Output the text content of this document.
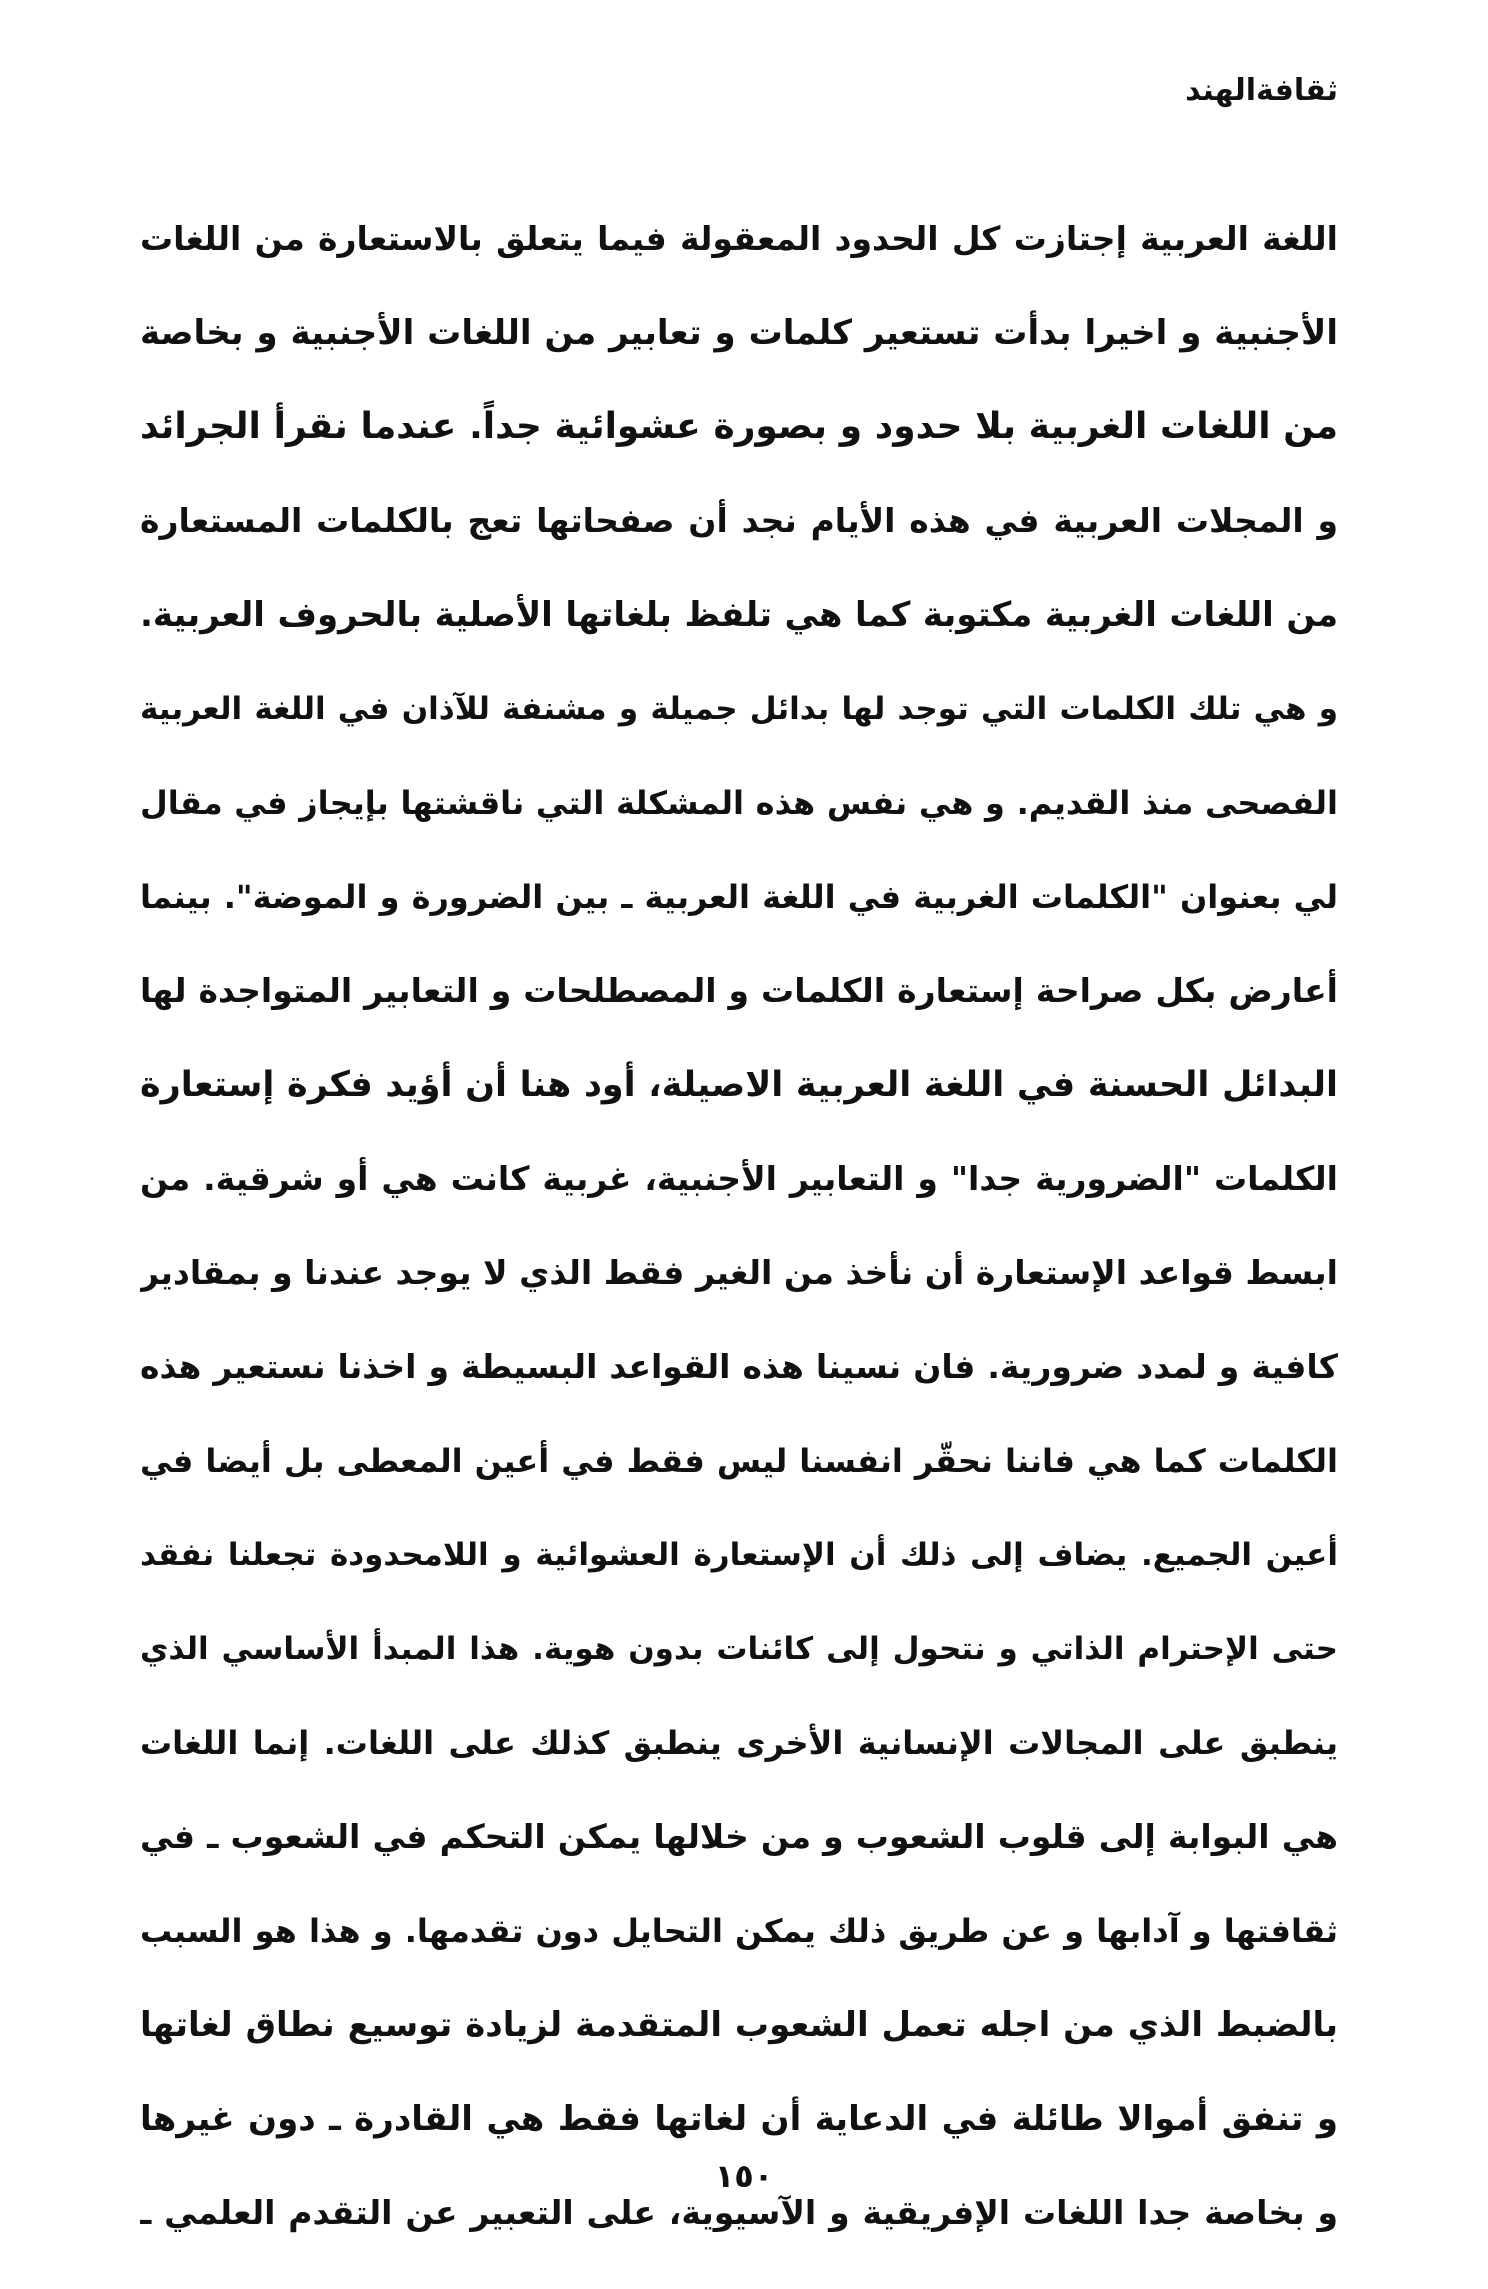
ثقافةالهند
اللغة العربية إجتازت كل الحدود المعقولة فيما يتعلق بالاستعارة من اللغات
الأجنبية و اخيرا بدأت تستعير كلمات و تعابير من اللغات الأجنبية و بخاصة
من اللغات الغربية بلا حدود و بصورة عشوائية جداً. عندما نقرأ الجرائد
و المجلات العربية في هذه الأيام نجد أن صفحاتها تعج بالكلمات المستعارة
من اللغات الغربية مكتوبة كما هي تلفظ بلغاتها الأصلية بالحروف العربية.
و هي تلك الكلمات التي توجد لها بدائل جميلة و مشنفة للآذان في اللغة العربية
الفصحى منذ القديم. و هي نفس هذه المشكلة التي ناقشتها بإيجاز في مقال
لي بعنوان "الكلمات الغربية في اللغة العربية ـ بين الضرورة و الموضة". بينما
أعارض بكل صراحة إستعارة الكلمات و المصطلحات و التعابير المتواجدة لها
البدائل الحسنة في اللغة العربية الاصيلة، أود هنا أن أؤيد فكرة إستعارة
الكلمات "الضرورية جدا" و التعابير الأجنبية، غربية كانت هي أو شرقية. من
ابسط قواعد الإستعارة أن نأخذ من الغير فقط الذي لا يوجد عندنا و بمقادير
كافية و لمدد ضرورية. فان نسينا هذه القواعد البسيطة و اخذنا نستعير هذه
الكلمات كما هي فاننا نحقّر انفسنا ليس فقط في أعين المعطى بل أيضا في
أعين الجميع. يضاف إلى ذلك أن الإستعارة العشوائية و اللامحدودة تجعلنا نفقد
حتى الإحترام الذاتي و نتحول إلى كائنات بدون هوية. هذا المبدأ الأساسي الذي
ينطبق على المجالات الإنسانية الأخرى ينطبق كذلك على اللغات. إنما اللغات
هي البوابة إلى قلوب الشعوب و من خلالها يمكن التحكم في الشعوب ـ في
ثقافتها و آدابها و عن طريق ذلك يمكن التحايل دون تقدمها. و هذا هو السبب
بالضبط الذي من اجله تعمل الشعوب المتقدمة لزيادة توسيع نطاق لغاتها
و تنفق أموالا طائلة في الدعاية أن لغاتها فقط هي القادرة ـ دون غيرها
و بخاصة جدا اللغات الإفريقية و الآسيوية، على التعبير عن التقدم العلمي ـ
١٥٠
